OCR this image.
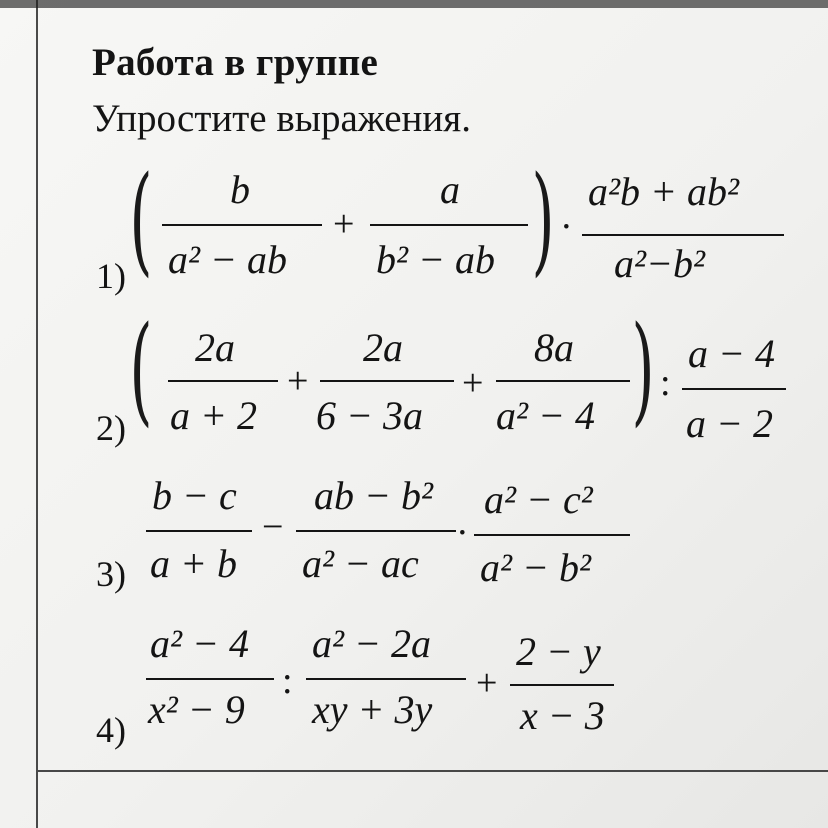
Работа в группе
Упростите выражения.
1) ( b
a² − ab
+
a
b² − ab ) ·
a²b + ab²
a²−b²
2) ( 2a
a + 2
+
2a
6 − 3a
+
8a
a² − 4 ) :
a − 4
a − 2
3)
b − c
a + b
−
ab − b²
a² − ac
·
a² − c²
a² − b²
4)
a² − 4
x² − 9
:
a² − 2a
xy + 3y
+
2 − y
x − 3
